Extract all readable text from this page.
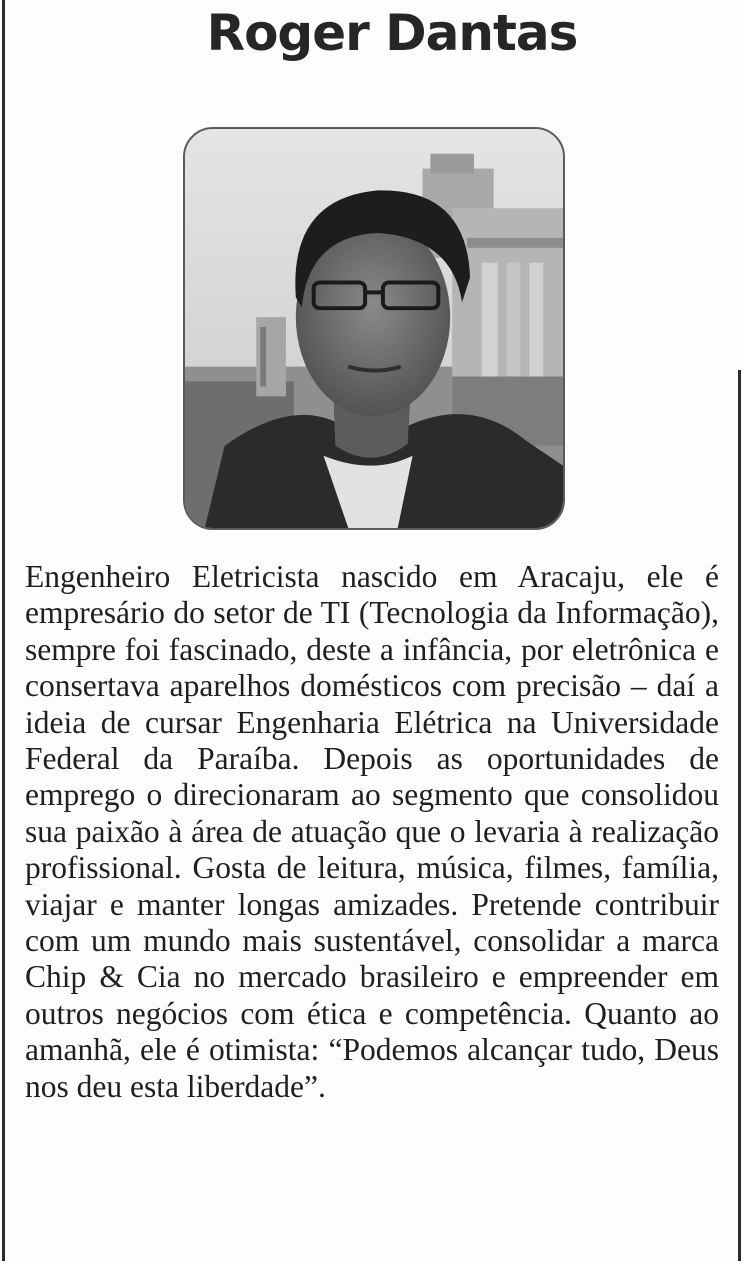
Roger Dantas

Engenheiro Eletricista nascido em Aracaju, ele é empresário do setor de TI (Tecnologia da Informação), sempre foi fascinado, deste a infância, por eletrônica e consertava aparelhos domésticos com precisão – daí a ideia de cursar Engenharia Elétrica na Universidade Federal da Paraíba. Depois as oportunidades de emprego o direcionaram ao segmento que consolidou sua paixão à área de atuação que o levaria à realização profissional. Gosta de leitura, música, filmes, família, viajar e manter longas amizades. Pretende contribuir com um mundo mais sustentável, consolidar a marca Chip & Cia no mercado brasileiro e empreender em outros negócios com ética e competência. Quanto ao amanhã, ele é otimista: “Podemos alcançar tudo, Deus nos deu esta liberdade”.
